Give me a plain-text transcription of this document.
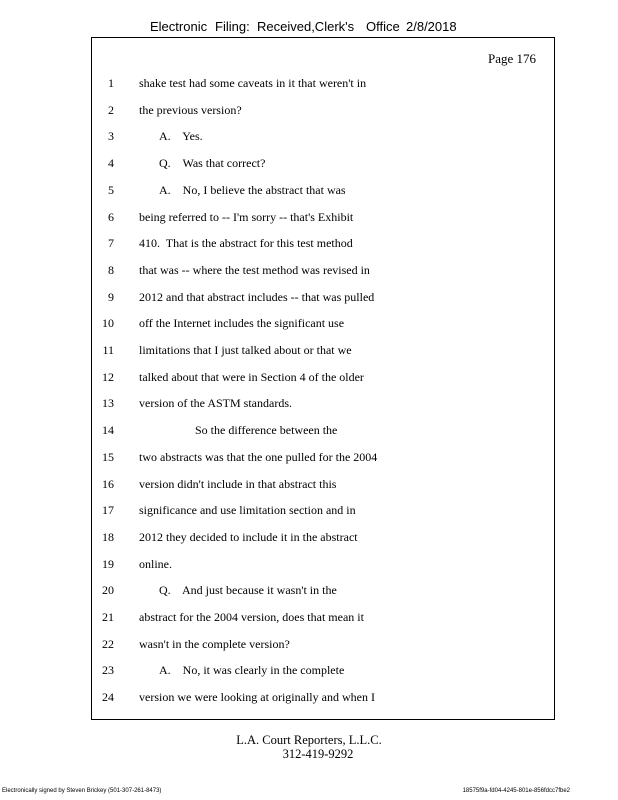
Electronic Filing: Received,Clerk's Office 2/8/2018
Page 176
1 shake test had some caveats in it that weren't in
2 the previous version?
3	A.    Yes.
4	Q.    Was that correct?
5	A.    No, I believe the abstract that was
6 being referred to -- I'm sorry -- that's Exhibit
7 410.  That is the abstract for this test method
8 that was -- where the test method was revised in
9 2012 and that abstract includes -- that was pulled
10 off the Internet includes the significant use
11 limitations that I just talked about or that we
12 talked about that were in Section 4 of the older
13 version of the ASTM standards.
14	So the difference between the
15 two abstracts was that the one pulled for the 2004
16 version didn't include in that abstract this
17 significance and use limitation section and in
18 2012 they decided to include it in the abstract
19 online.
20	Q.    And just because it wasn't in the
21 abstract for the 2004 version, does that mean it
22 wasn't in the complete version?
23	A.    No, it was clearly in the complete
24 version we were looking at originally and when I
L.A. Court Reporters, L.L.C.
312-419-9292
Electronically signed by Steven Brickey (501-307-261-8473)	18575f9a-fd04-4245-801e-856fdcc7fbe2
